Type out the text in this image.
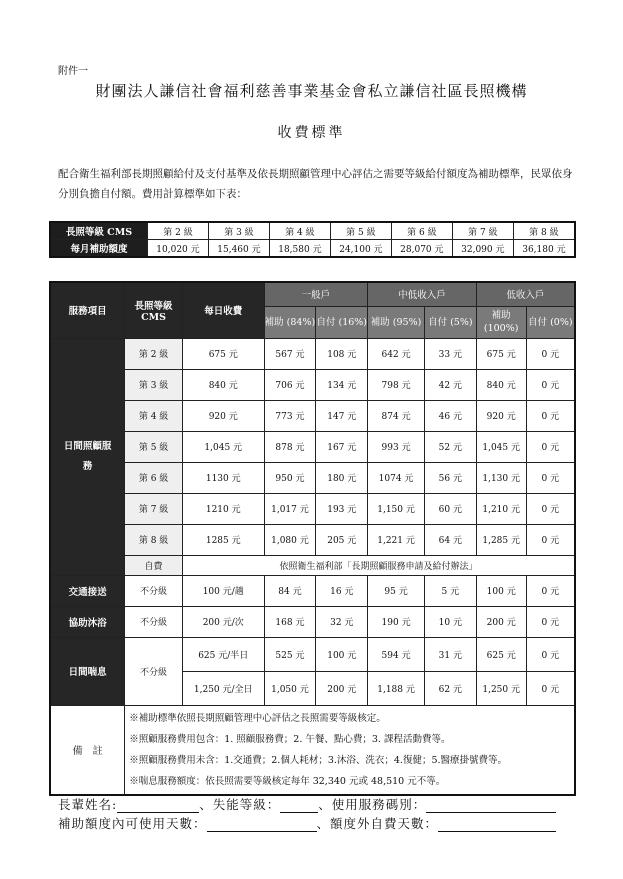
附件一
財團法人謙信社會福利慈善事業基金會私立謙信社區長照機構
收費標準
配合衛生福利部長期照顧給付及支付基準及依長期照顧管理中心評估之需要等級給付額度為補助標準，民眾依身分別負擔自付額。費用計算標準如下表：
長照等級 CMS	第 2 級	第 3 級	第 4 級	第 5 級	第 6 級	第 7 級	第 8 級
每月補助額度	10,020 元	15,460 元	18,580 元	24,100 元	28,070 元	32,090 元	36,180 元
服務項目	長照等級 CMS	每日收費	一般戶		中低收入戶		低收入戶	
			補助 (84%)	自付 (16%)	補助 (95%)	自付 (5%)	補助 (100%)	自付 (0%)
日間照顧服務	第 2 級	675 元	567 元	108 元	642 元	33 元	675 元	0 元
	第 3 級	840 元	706 元	134 元	798 元	42 元	840 元	0 元
	第 4 級	920 元	773 元	147 元	874 元	46 元	920 元	0 元
	第 5 級	1,045 元	878 元	167 元	993 元	52 元	1,045 元	0 元
	第 6 級	1130 元	950 元	180 元	1074 元	56 元	1,130 元	0 元
	第 7 級	1210 元	1,017 元	193 元	1,150 元	60 元	1,210 元	0 元
	第 8 級	1285 元	1,080 元	205 元	1,221 元	64 元	1,285 元	0 元
	自費	依照衛生福利部「長期照顧服務申請及給付辦法」						
交通接送	不分級	100 元/趟	84 元	16 元	95 元	5 元	100 元	0 元
協助沐浴	不分級	200 元/次	168 元	32 元	190 元	10 元	200 元	0 元
日間喘息	不分級	625 元/半日	525 元	100 元	594 元	31 元	625 元	0 元
		1,250 元/全日	1,050 元	200 元	1,188 元	62 元	1,250 元	0 元
備　註	※補助標準依照長期照顧管理中心評估之長照需要等級核定。
※照顧服務費用包含：1. 照顧服務費；2. 午餐、點心費；3. 課程活動費等。
※照顧服務費用未含：1.交通費；2.個人耗材；3.沐浴、洗衣；4.復健；5.醫療掛號費等。
※喘息服務額度：依長照需要等級核定每年 32,340 元或 48,510 元不等。							
長輩姓名:	、失能等級：	、使用服務碼別：
補助額度內可使用天數：	、額度外自費天數：
